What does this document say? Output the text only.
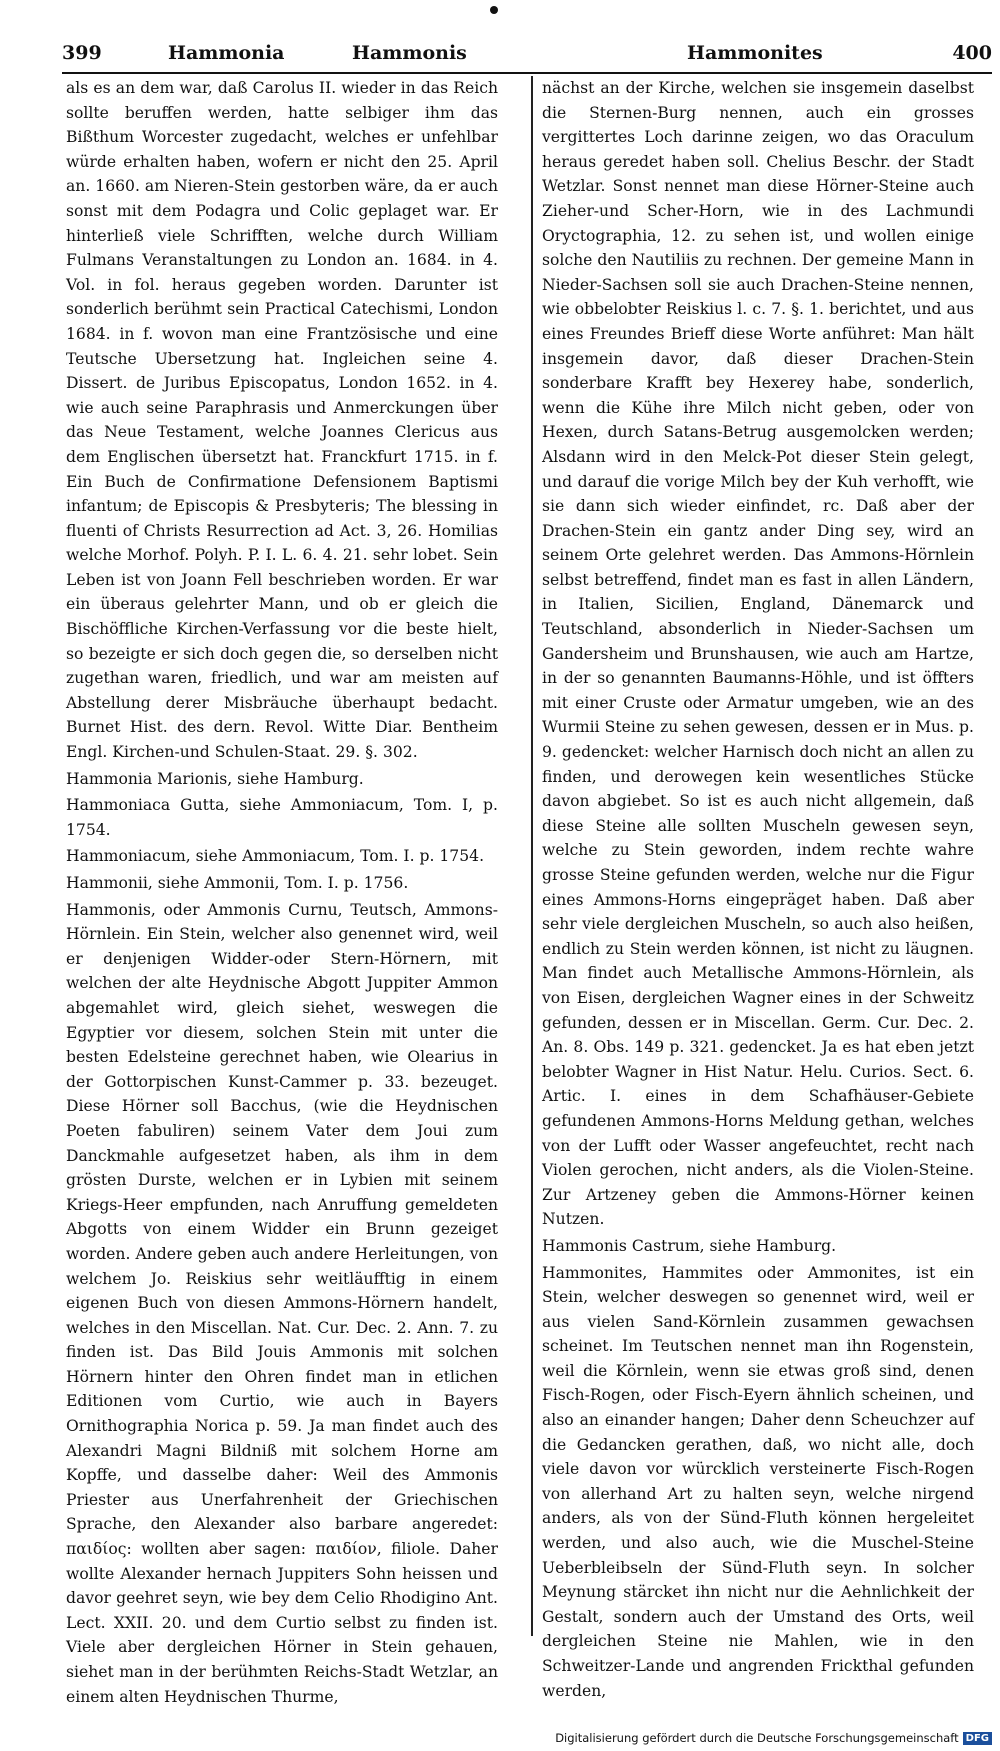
399	Hammonia	Hammonis	Hammonites	400

als es an dem war, daß Carolus II. wieder in das Reich sollte beruffen werden, hatte selbiger ihm das Bißthum Worcester zugedacht, welches er unfehlbar würde erhalten haben, wofern er nicht den 25. April an. 1660. am Nieren-Stein gestorben wäre, da er auch sonst mit dem Podagra und Colic geplaget war. Er hinterließ viele Schrifften, welche durch William Fulmans Veranstaltungen zu London an. 1684. in 4. Vol. in fol. heraus gegeben worden. Darunter ist sonderlich berühmt sein Practical Catechismi, London 1684. in f. wovon man eine Frantzösische und eine Teutsche Ubersetzung hat. Ingleichen seine 4. Dissert. de Juribus Episcopatus, London 1652. in 4. wie auch seine Paraphrasis und Anmerckungen über das Neue Testament, welche Joannes Clericus aus dem Englischen übersetzt hat. Franckfurt 1715. in f. Ein Buch de Confirmatione Defensionem Baptismi infantum; de Episcopis & Presbyteris; The blessing in fluenti of Christs Resurrection ad Act. 3, 26. Homilias welche Morhof. Polyh. P. I. L. 6. 4. 21. sehr lobet. Sein Leben ist von Joann Fell beschrieben worden. Er war ein überaus gelehrter Mann, und ob er gleich die Bischöffliche Kirchen-Verfassung vor die beste hielt, so bezeigte er sich doch gegen die, so derselben nicht zugethan waren, friedlich, und war am meisten auf Abstellung derer Misbräuche überhaupt bedacht. Burnet Hist. des dern. Revol. Witte Diar. Bentheim Engl. Kirchen-und Schulen-Staat. 29. §. 302.

Hammonia Marionis, siehe Hamburg.

Hammoniaca Gutta, siehe Ammoniacum, Tom. I, p. 1754.

Hammoniacum, siehe Ammoniacum, Tom. I. p. 1754.

Hammonii, siehe Ammonii, Tom. I. p. 1756.

Hammonis, oder Ammonis Curnu, Teutsch, Ammons-Hörnlein. Ein Stein, welcher also genennet wird, weil er denjenigen Widder-oder Stern-Hörnern, mit welchen der alte Heydnische Abgott Juppiter Ammon abgemahlet wird, gleich siehet, weswegen die Egyptier vor diesem, solchen Stein mit unter die besten Edelsteine gerechnet haben, wie Olearius in der Gottorpischen Kunst-Cammer p. 33. bezeuget. Diese Hörner soll Bacchus, (wie die Heydnischen Poeten fabuliren) seinem Vater dem Joui zum Danckmahle aufgesetzet haben, als ihm in dem grösten Durste, welchen er in Lybien mit seinem Kriegs-Heer empfunden, nach Anruffung gemeldeten Abgotts von einem Widder ein Brunn gezeiget worden. Andere geben auch andere Herleitungen, von welchem Jo. Reiskius sehr weitläufftig in einem eigenen Buch von diesen Ammons-Hörnern handelt, welches in den Miscellan. Nat. Cur. Dec. 2. Ann. 7. zu finden ist. Das Bild Jouis Ammonis mit solchen Hörnern hinter den Ohren findet man in etlichen Editionen vom Curtio, wie auch in Bayers Ornithographia Norica p. 59. Ja man findet auch des Alexandri Magni Bildniß mit solchem Horne am Kopffe, und dasselbe daher: Weil des Ammonis Priester aus Unerfahrenheit der Griechischen Sprache, den Alexander also barbare angeredet: παιδίος: wollten aber sagen: παιδίον, filiole. Daher wollte Alexander hernach Juppiters Sohn heissen und davor geehret seyn, wie bey dem Celio Rhodigino Ant. Lect. XXII. 20. und dem Curtio selbst zu finden ist. Viele aber dergleichen Hörner in Stein gehauen, siehet man in der berühmten Reichs-Stadt Wetzlar, an einem alten Heydnischen Thurme,

nächst an der Kirche, welchen sie insgemein daselbst die Sternen-Burg nennen, auch ein grosses vergittertes Loch darinne zeigen, wo das Oraculum heraus geredet haben soll. Chelius Beschr. der Stadt Wetzlar. Sonst nennet man diese Hörner-Steine auch Zieher-und Scher-Horn, wie in des Lachmundi Oryctographia, 12. zu sehen ist, und wollen einige solche den Nautiliis zu rechnen. Der gemeine Mann in Nieder-Sachsen soll sie auch Drachen-Steine nennen, wie obbelobter Reiskius l. c. 7. §. 1. berichtet, und aus eines Freundes Brieff diese Worte anführet: Man hält insgemein davor, daß dieser Drachen-Stein sonderbare Krafft bey Hexerey habe, sonderlich, wenn die Kühe ihre Milch nicht geben, oder von Hexen, durch Satans-Betrug ausgemolcken werden; Alsdann wird in den Melck-Pot dieser Stein gelegt, und darauf die vorige Milch bey der Kuh verhofft, wie sie dann sich wieder einfindet, rc. Daß aber der Drachen-Stein ein gantz ander Ding sey, wird an seinem Orte gelehret werden. Das Ammons-Hörnlein selbst betreffend, findet man es fast in allen Ländern, in Italien, Sicilien, England, Dänemarck und Teutschland, absonderlich in Nieder-Sachsen um Gandersheim und Brunshausen, wie auch am Hartze, in der so genannten Baumanns-Höhle, und ist öffters mit einer Cruste oder Armatur umgeben, wie an des Wurmii Steine zu sehen gewesen, dessen er in Mus. p. 9. gedencket: welcher Harnisch doch nicht an allen zu finden, und derowegen kein wesentliches Stücke davon abgiebet. So ist es auch nicht allgemein, daß diese Steine alle sollten Muscheln gewesen seyn, welche zu Stein geworden, indem rechte wahre grosse Steine gefunden werden, welche nur die Figur eines Ammons-Horns eingepräget haben. Daß aber sehr viele dergleichen Muscheln, so auch also heißen, endlich zu Stein werden können, ist nicht zu läugnen. Man findet auch Metallische Ammons-Hörnlein, als von Eisen, dergleichen Wagner eines in der Schweitz gefunden, dessen er in Miscellan. Germ. Cur. Dec. 2. An. 8. Obs. 149 p. 321. gedencket. Ja es hat eben jetzt belobter Wagner in Hist Natur. Helu. Curios. Sect. 6. Artic. I. eines in dem Schafhäuser-Gebiete gefundenen Ammons-Horns Meldung gethan, welches von der Lufft oder Wasser angefeuchtet, recht nach Violen gerochen, nicht anders, als die Violen-Steine. Zur Artzeney geben die Ammons-Hörner keinen Nutzen.

Hammonis Castrum, siehe Hamburg.

Hammonites, Hammites oder Ammonites, ist ein Stein, welcher deswegen so genennet wird, weil er aus vielen Sand-Körnlein zusammen gewachsen scheinet. Im Teutschen nennet man ihn Rogenstein, weil die Körnlein, wenn sie etwas groß sind, denen Fisch-Rogen, oder Fisch-Eyern ähnlich scheinen, und also an einander hangen; Daher denn Scheuchzer auf die Gedancken gerathen, daß, wo nicht alle, doch viele davon vor würcklich versteinerte Fisch-Rogen von allerhand Art zu halten seyn, welche nirgend anders, als von der Sünd-Fluth können hergeleitet werden, und also auch, wie die Muschel-Steine Ueberbleibseln der Sünd-Fluth seyn. In solcher Meynung stärcket ihn nicht nur die Aehnlichkeit der Gestalt, sondern auch der Umstand des Orts, weil dergleichen Steine nie Mahlen, wie in den Schweitzer-Lande und angrenden Frickthal gefunden werden,

Digitalisierung gefördert durch die Deutsche Forschungsgemeinschaft DFG
